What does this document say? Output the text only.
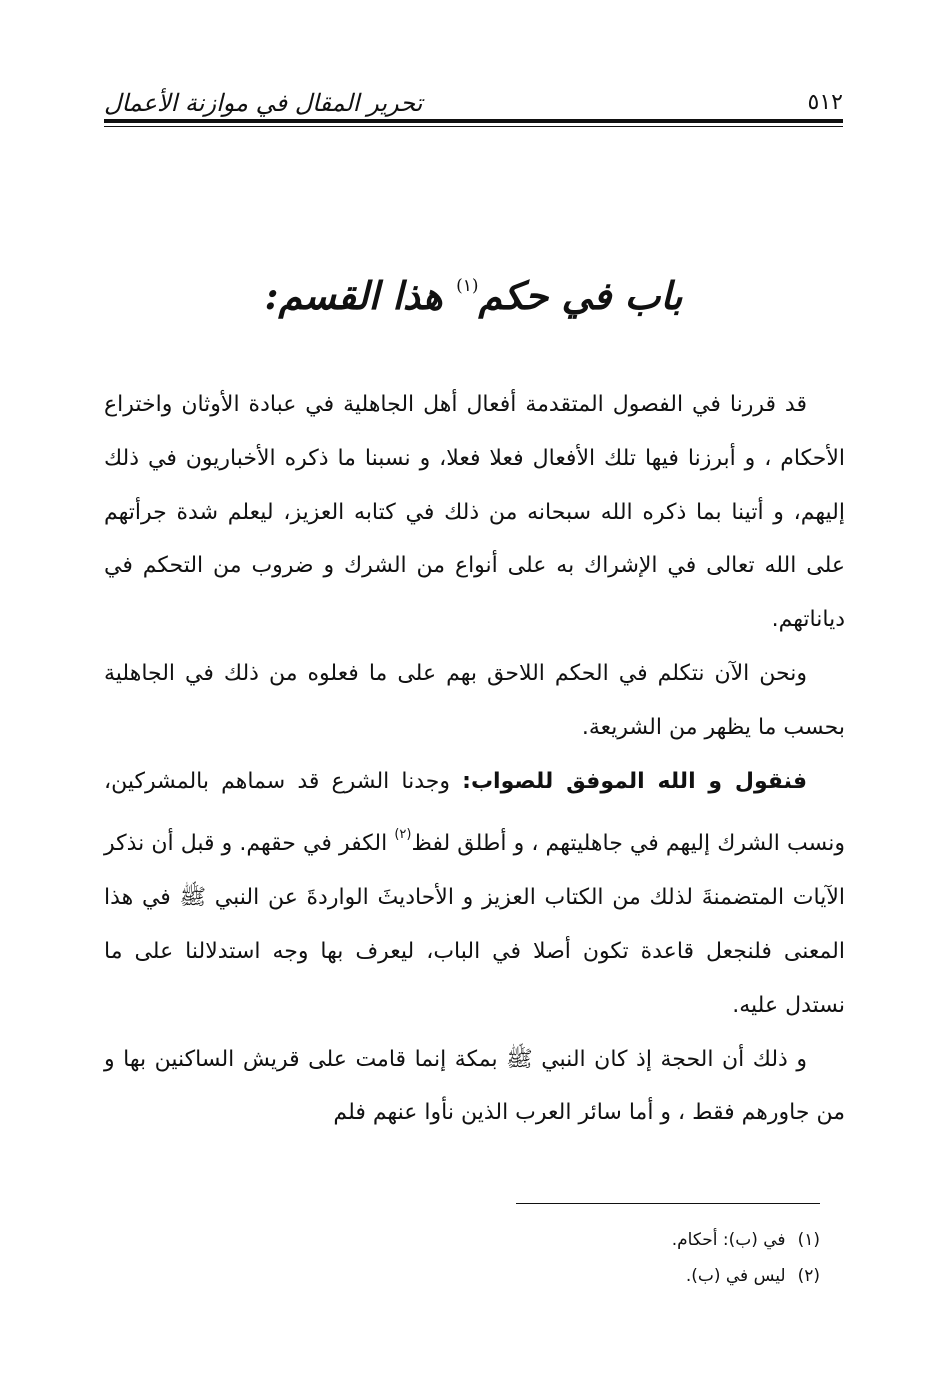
٥١٢
تحرير المقال في موازنة الأعمال
باب في حكم$^{(١)}$ هذا القسم:

قد قررنا في الفصول المتقدمة أفعال أهل الجاهلية في عبادة الأوثان واختراع الأحكام ، و أبرزنا فيها تلك الأفعال فعلا فعلا، و نسبنا ما ذكره الأخباريون في ذلك إليهم، و أتينا بما ذكره الله سبحانه من ذلك في كتابه العزيز، ليعلم شدة جرأتهم على الله تعالى في الإشراك به على أنواع من الشرك و ضروب من التحكم في دياناتهم.

ونحن الآن نتكلم في الحكم اللاحق بهم على ما فعلوه من ذلك في الجاهلية بحسب ما يظهر من الشريعة.

فنقول و الله الموفق للصواب: وجدنا الشرع قد سماهم بالمشركين، ونسب الشرك إليهم في جاهليتهم ، و أطلق لفظ$^{(٢)}$ الكفر في حقهم. و قبل أن نذكر الآيات المتضمنةَ لذلك من الكتاب العزيز و الأحاديثَ الواردةَ عن النبي ﷺ في هذا المعنى فلنجعل قاعدة تكون أصلا في الباب، ليعرف بها وجه استدلالنا على ما نستدل عليه.

و ذلك أن الحجة إذ كان النبي ﷺ بمكة إنما قامت على قريش الساكنين بها و من جاورهم فقط ، و أما سائر العرب الذين نأوا عنهم فلم

(١)في (ب): أحكام.
(٢)ليس في (ب).
